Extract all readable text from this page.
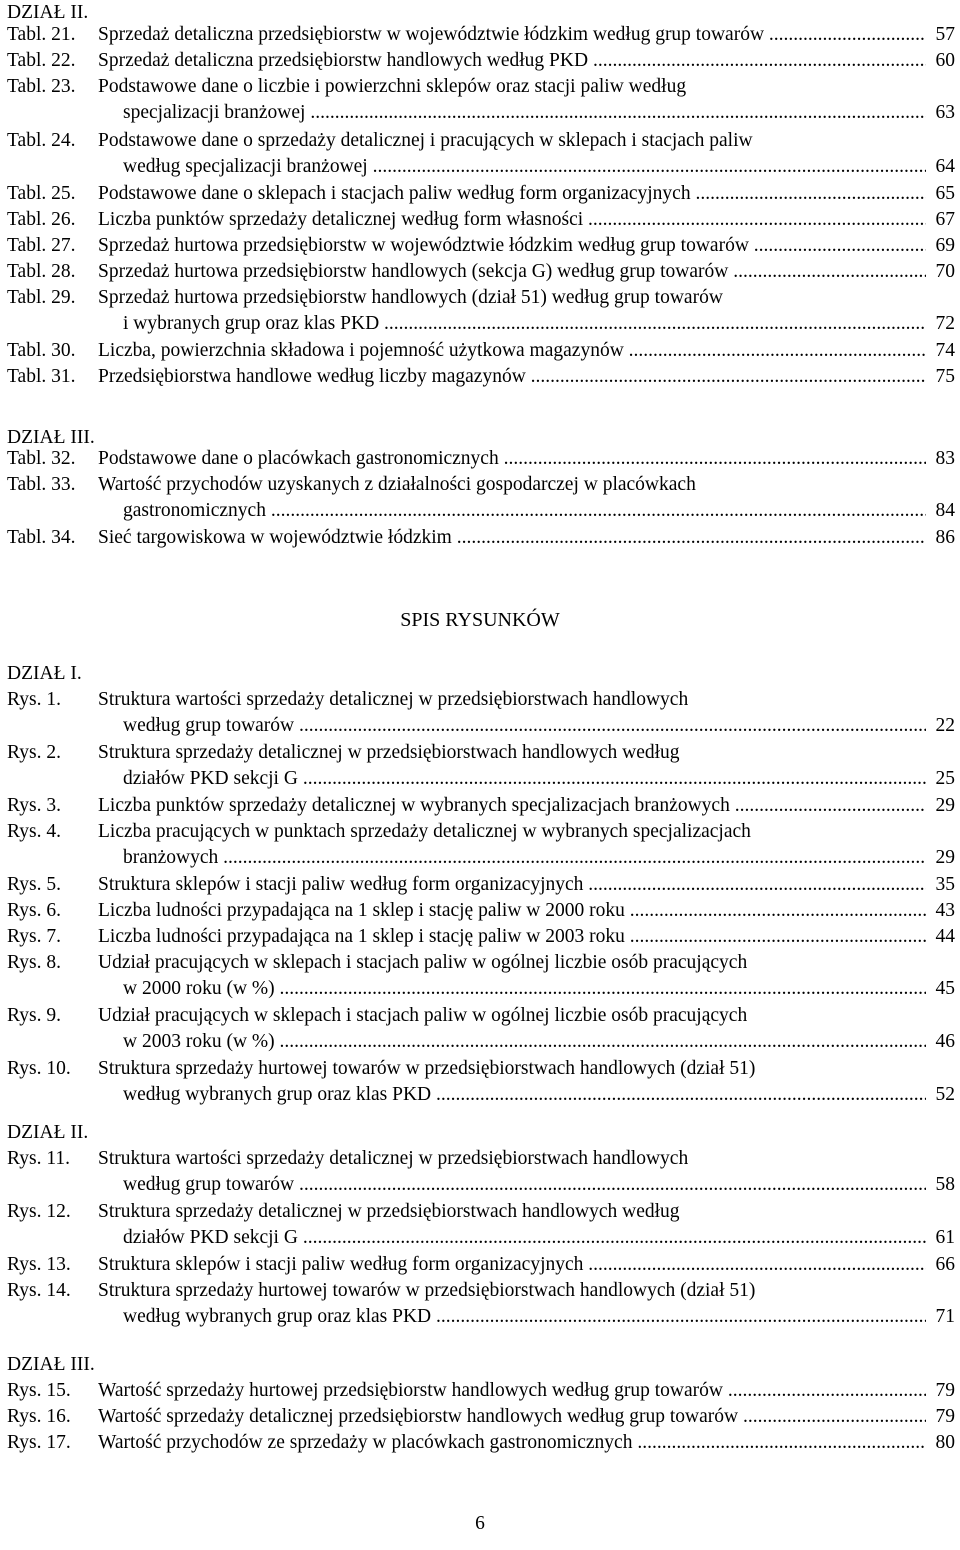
DZIAŁ II.
DZIAŁ III.
SPIS RYSUNKÓW
DZIAŁ I.
DZIAŁ II.
DZIAŁ III.
Tabl. 21. Sprzedaż detaliczna przedsiębiorstw w województwie łódzkim według grup towarów .....	57
Tabl. 22. Sprzedaż detaliczna przedsiębiorstw handlowych według PKD .....	60
Tabl. 23. Podstawowe dane o liczbie i powierzchni sklepów oraz stacji paliw według
specjalizacji branżowej .....	63
Tabl. 24. Podstawowe dane o sprzedaży detalicznej i pracujących w sklepach i stacjach paliw
według specjalizacji branżowej .....	64
Tabl. 25. Podstawowe dane o sklepach i stacjach paliw według form organizacyjnych .....	65
Tabl. 26. Liczba punktów sprzedaży detalicznej według form własności .....	67
Tabl. 27. Sprzedaż hurtowa przedsiębiorstw w województwie łódzkim według grup towarów .....	69
Tabl. 28. Sprzedaż hurtowa przedsiębiorstw handlowych (sekcja G) według grup towarów .....	70
Tabl. 29. Sprzedaż hurtowa przedsiębiorstw handlowych (dział 51) według grup towarów
i wybranych grup oraz klas PKD .....	72
Tabl. 30. Liczba, powierzchnia składowa i pojemność użytkowa magazynów .....	74
Tabl. 31. Przedsiębiorstwa handlowe według liczby magazynów .....	75
Tabl. 32. Podstawowe dane o placówkach gastronomicznych .....	83
Tabl. 33. Wartość przychodów uzyskanych z działalności gospodarczej w placówkach
gastronomicznych .....	84
Tabl. 34. Sieć targowiskowa w województwie łódzkim .....	86
Rys. 1. Struktura wartości sprzedaży detalicznej w przedsiębiorstwach handlowych
według grup towarów .....	22
Rys. 2. Struktura sprzedaży detalicznej w przedsiębiorstwach handlowych według
działów PKD sekcji G .....	25
Rys. 3. Liczba punktów sprzedaży detalicznej w wybranych specjalizacjach branżowych .....	29
Rys. 4. Liczba pracujących w punktach sprzedaży detalicznej w wybranych specjalizacjach
branżowych .....	29
Rys. 5. Struktura sklepów i stacji paliw według form organizacyjnych .....	35
Rys. 6. Liczba ludności przypadająca na 1 sklep i stację paliw w 2000 roku .....	43
Rys. 7. Liczba ludności przypadająca na 1 sklep i stację paliw w 2003 roku .....	44
Rys. 8. Udział pracujących w sklepach i stacjach paliw w ogólnej liczbie osób pracujących
w 2000 roku (w %) .....	45
Rys. 9. Udział pracujących w sklepach i stacjach paliw w ogólnej liczbie osób pracujących
w 2003 roku (w %) .....	46
Rys. 10. Struktura sprzedaży hurtowej towarów w przedsiębiorstwach handlowych (dział 51)
według wybranych grup oraz klas PKD .....	52
Rys. 11. Struktura wartości sprzedaży detalicznej w przedsiębiorstwach handlowych
według grup towarów .....	58
Rys. 12. Struktura sprzedaży detalicznej w przedsiębiorstwach handlowych według
działów PKD sekcji G .....	61
Rys. 13. Struktura sklepów i stacji paliw według form organizacyjnych .....	66
Rys. 14. Struktura sprzedaży hurtowej towarów w przedsiębiorstwach handlowych (dział 51)
według wybranych grup oraz klas PKD .....	71
Rys. 15. Wartość sprzedaży hurtowej przedsiębiorstw handlowych według grup towarów .....	79
Rys. 16. Wartość sprzedaży detalicznej przedsiębiorstw handlowych według grup towarów .....	79
Rys. 17. Wartość przychodów ze sprzedaży w placówkach gastronomicznych .....	80
6
